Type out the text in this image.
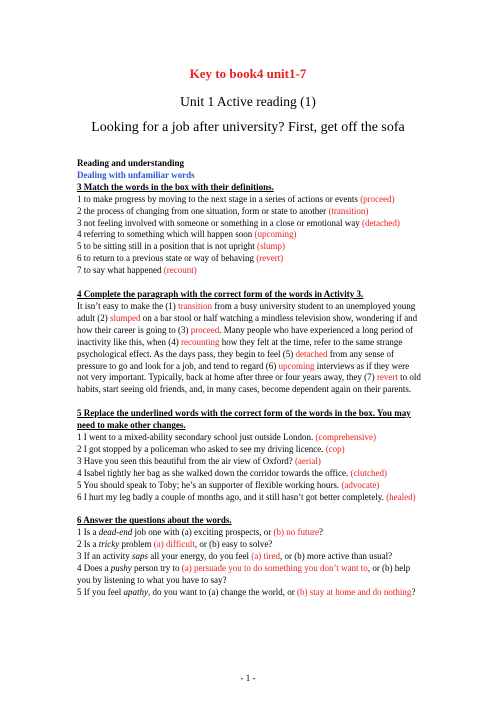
Key to book4 unit1-7
Unit 1 Active reading (1)
Looking for a job after university? First, get off the sofa

Reading and understanding

Dealing with unfamiliar words

3 Match the words in the box with their definitions.

1 to make progress by moving to the next stage in a series of actions or events (proceed)

2 the process of changing from one situation, form or state to another (transition)

3 not feeling involved with someone or something in a close or emotional way (detached)

4 referring to something which will happen soon (upcoming)

5 to be sitting still in a position that is not upright (slump)

6 to return to a previous state or way of behaving (revert)

7 to say what happened (recount)

4 Complete the paragraph with the correct form of the words in Activity 3.

It isn’t easy to make the (1) transition from a busy university student to an unemployed young adult (2) slumped on a bar stool or half watching a mindless television show, wondering if and how their career is going to (3) proceed. Many people who have experienced a long period of inactivity like this, when (4) recounting how they felt at the time, refer to the same strange psychological effect. As the days pass, they begin to feel (5) detached from any sense of pressure to go and look for a job, and tend to regard (6) upcoming interviews as if they were not very important. Typically, back at home after three or four years away, they (7) revert to old habits, start seeing old friends, and, in many cases, become dependent again on their parents.

5 Replace the underlined words with the correct form of the words in the box. You may need to make other changes.

1 I went to a mixed-ability secondary school just outside London. (comprehensive)

2 I got stopped by a policeman who asked to see my driving licence. (cop)

3 Have you seen this beautiful from the air view of Oxford? (aerial)

4 Isabel tightly her bag as she walked down the corridor towards the office. (clutched)

5 You should speak to Toby; he’s an supporter of flexible working hours. (advocate)

6 I hurt my leg badly a couple of months ago, and it still hasn’t got better completely. (healed)

6 Answer the questions about the words.

1 Is a dead-end job one with (a) exciting prospects, or (b) no future?

2 Is a tricky problem (a) difficult, or (b) easy to solve?

3 If an activity saps all your energy, do you feel (a) tired, or (b) more active than usual?

4 Does a pushy person try to (a) persuade you to do something you don’t want to, or (b) help you by listening to what you have to say?

5 If you feel apathy, do you want to (a) change the world, or (b) stay at home and do nothing?

- 1 -
